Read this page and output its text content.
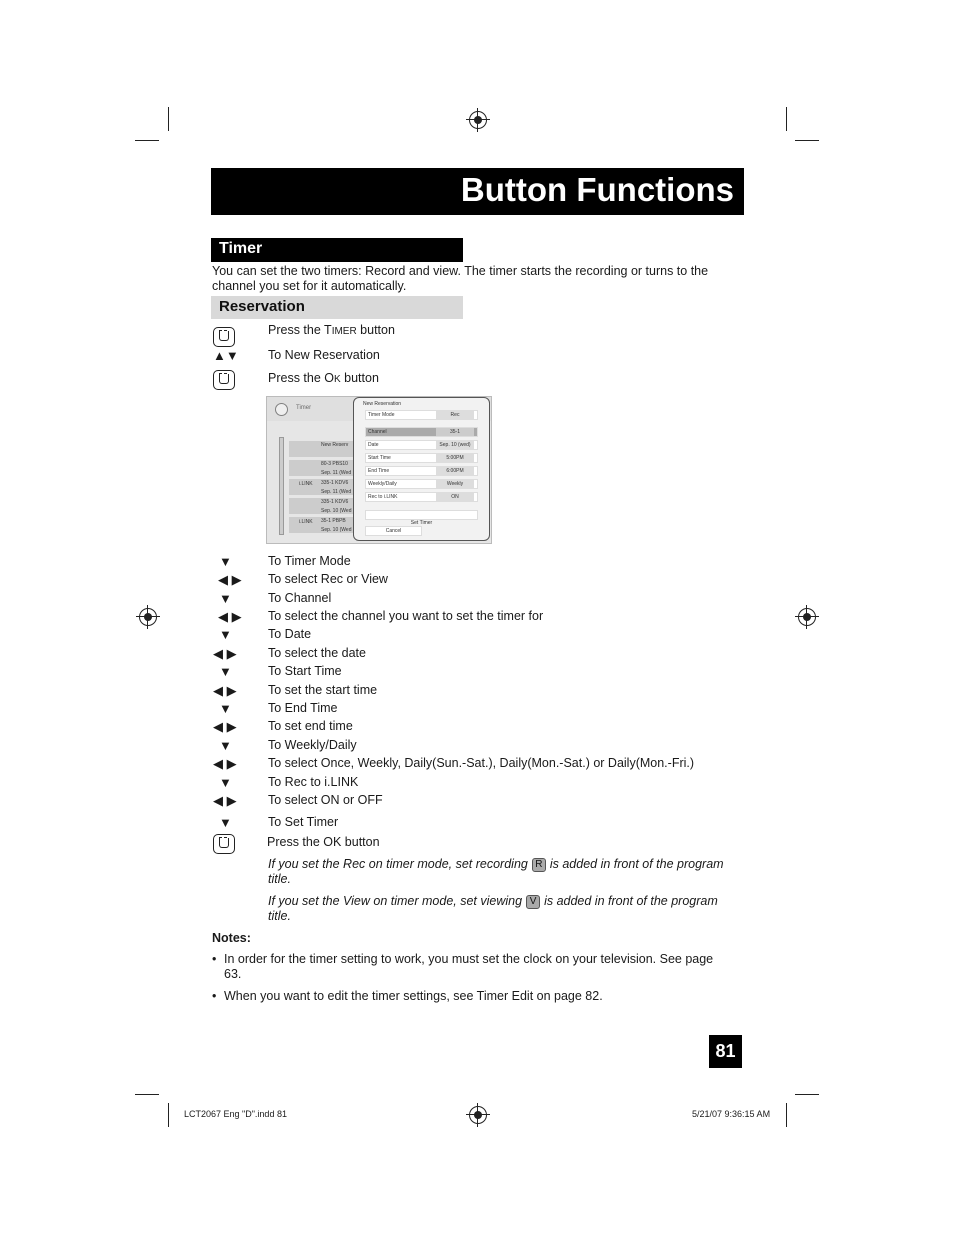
Button Functions
Timer
You can set the two timers: Record and view. The timer starts the recording or turns to the
channel you set for it automatically.
Reservation
Press the TIMER button
▲▼ To New Reservation
Press the OK button
Timer
New Reserv
80-3 PBS10
Sep. 11 (Wed
i.LINK 335-1 KDV6
Sep. 11 (Wed
335-1 KDV6
Sep. 10 (Wed
i.LINK 35-1 PBPB
Sep. 10 (Wed
New Reservation
Timer Mode	Rec
Channel	35-1
Date	Sep. 10 (wed)
Start Time	5:00PM
End Time	6:00PM
Weekly/Daily	Weekly
Rec to i.LINK	ON
Set Timer
Cancel
▼	To Timer Mode
◀ ▶ To select Rec or View
▼	To Channel
◀ ▶ To select the channel you want to set the timer for
▼	To Date
◀ ▶	To select the date
▼	To Start Time
◀ ▶	To set the start time
▼	To End Time
◀ ▶	To set end time
▼	To Weekly/Daily
◀ ▶	To select Once, Weekly, Daily(Sun.-Sat.), Daily(Mon.-Sat.) or Daily(Mon.-Fri.)
▼	To Rec to i.LINK
◀ ▶	To select ON or OFF
▼	To Set Timer
Press the OK button
If you set the Rec on timer mode, set recording R is added in front of the program
title.
If you set the View on timer mode, set viewing V is added in front of the program
title.
Notes:
• In order for the timer setting to work, you must set the clock on your television. See page
63.
• When you want to edit the timer settings, see Timer Edit on page 82.
81
LCT2067 Eng "D".indd 81	5/21/07 9:36:15 AM
